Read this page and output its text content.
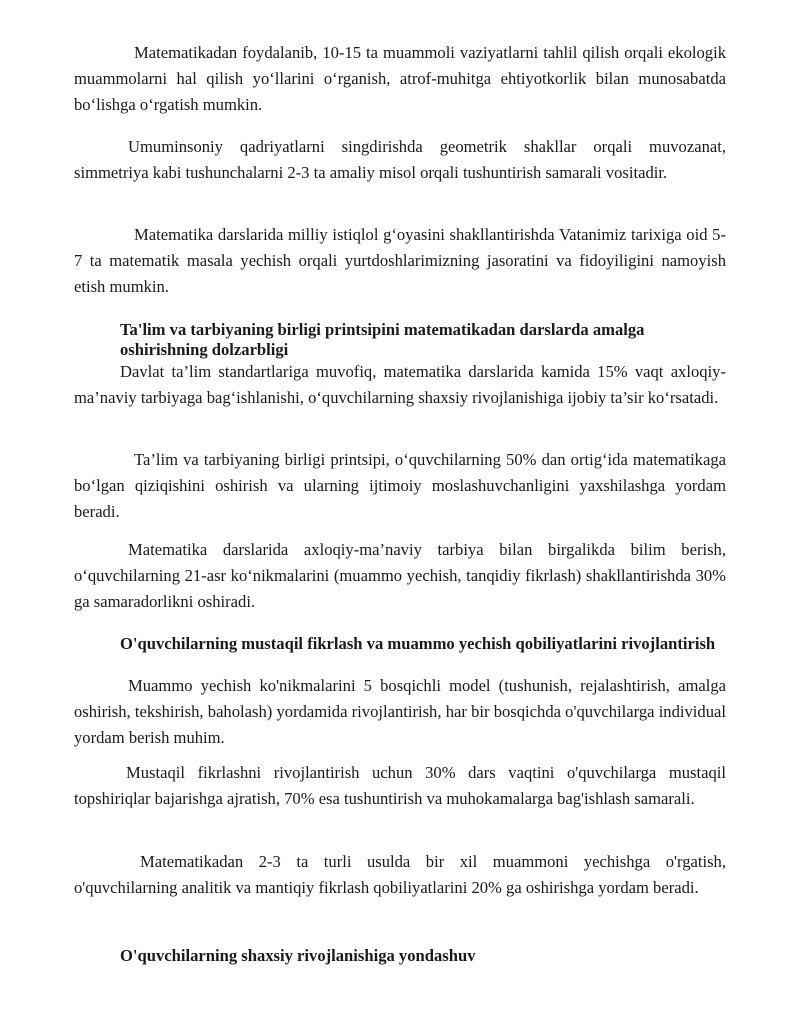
Matematikadan foydalanib, 10-15 ta muammoli vaziyatlarni tahlil qilish orqali ekologik muammolarni hal qilish yo‘llarini o‘rganish, atrof-muhitga ehtiyotkorlik bilan munosabatda bo‘lishga o‘rgatish mumkin.

Umuminsoniy qadriyatlarni singdirishda geometrik shakllar orqali muvozanat, simmetriya kabi tushunchalarni 2-3 ta amaliy misol orqali tushuntirish samarali vositadir.

Matematika darslarida milliy istiqlol g‘oyasini shakllantirishda Vatanimiz tarixiga oid 5-7 ta matematik masala yechish orqali yurtdoshlarimizning jasoratini va fidoyiligini namoyish etish mumkin.

Ta'lim va tarbiyaning birligi printsipini matematikadan darslarda amalga oshirishning dolzarbligi

Davlat ta’lim standartlariga muvofiq, matematika darslarida kamida 15% vaqt axloqiy-ma’naviy tarbiyaga bag‘ishlanishi, o‘quvchilarning shaxsiy rivojlanishiga ijobiy ta’sir ko‘rsatadi.

Ta’lim va tarbiyaning birligi printsipi, o‘quvchilarning 50% dan ortig‘ida matematikaga bo‘lgan qiziqishini oshirish va ularning ijtimoiy moslashuvchanligini yaxshilashga yordam beradi.

Matematika darslarida axloqiy-ma’naviy tarbiya bilan birgalikda bilim berish, o‘quvchilarning 21-asr ko‘nikmalarini (muammo yechish, tanqidiy fikrlash) shakllantirishda 30% ga samaradorlikni oshiradi.

O'quvchilarning mustaqil fikrlash va muammo yechish qobiliyatlarini rivojlantirish

Muammo yechish ko'nikmalarini 5 bosqichli model (tushunish, rejalashtirish, amalga oshirish, tekshirish, baholash) yordamida rivojlantirish, har bir bosqichda o'quvchilarga individual yordam berish muhim.

Mustaqil fikrlashni rivojlantirish uchun 30% dars vaqtini o'quvchilarga mustaqil topshiriqlar bajarishga ajratish, 70% esa tushuntirish va muhokamalarga bag'ishlash samarali.

Matematikadan 2-3 ta turli usulda bir xil muammoni yechishga o'rgatish, o'quvchilarning analitik va mantiqiy fikrlash qobiliyatlarini 20% ga oshirishga yordam beradi.

O'quvchilarning shaxsiy rivojlanishiga yondashuv
